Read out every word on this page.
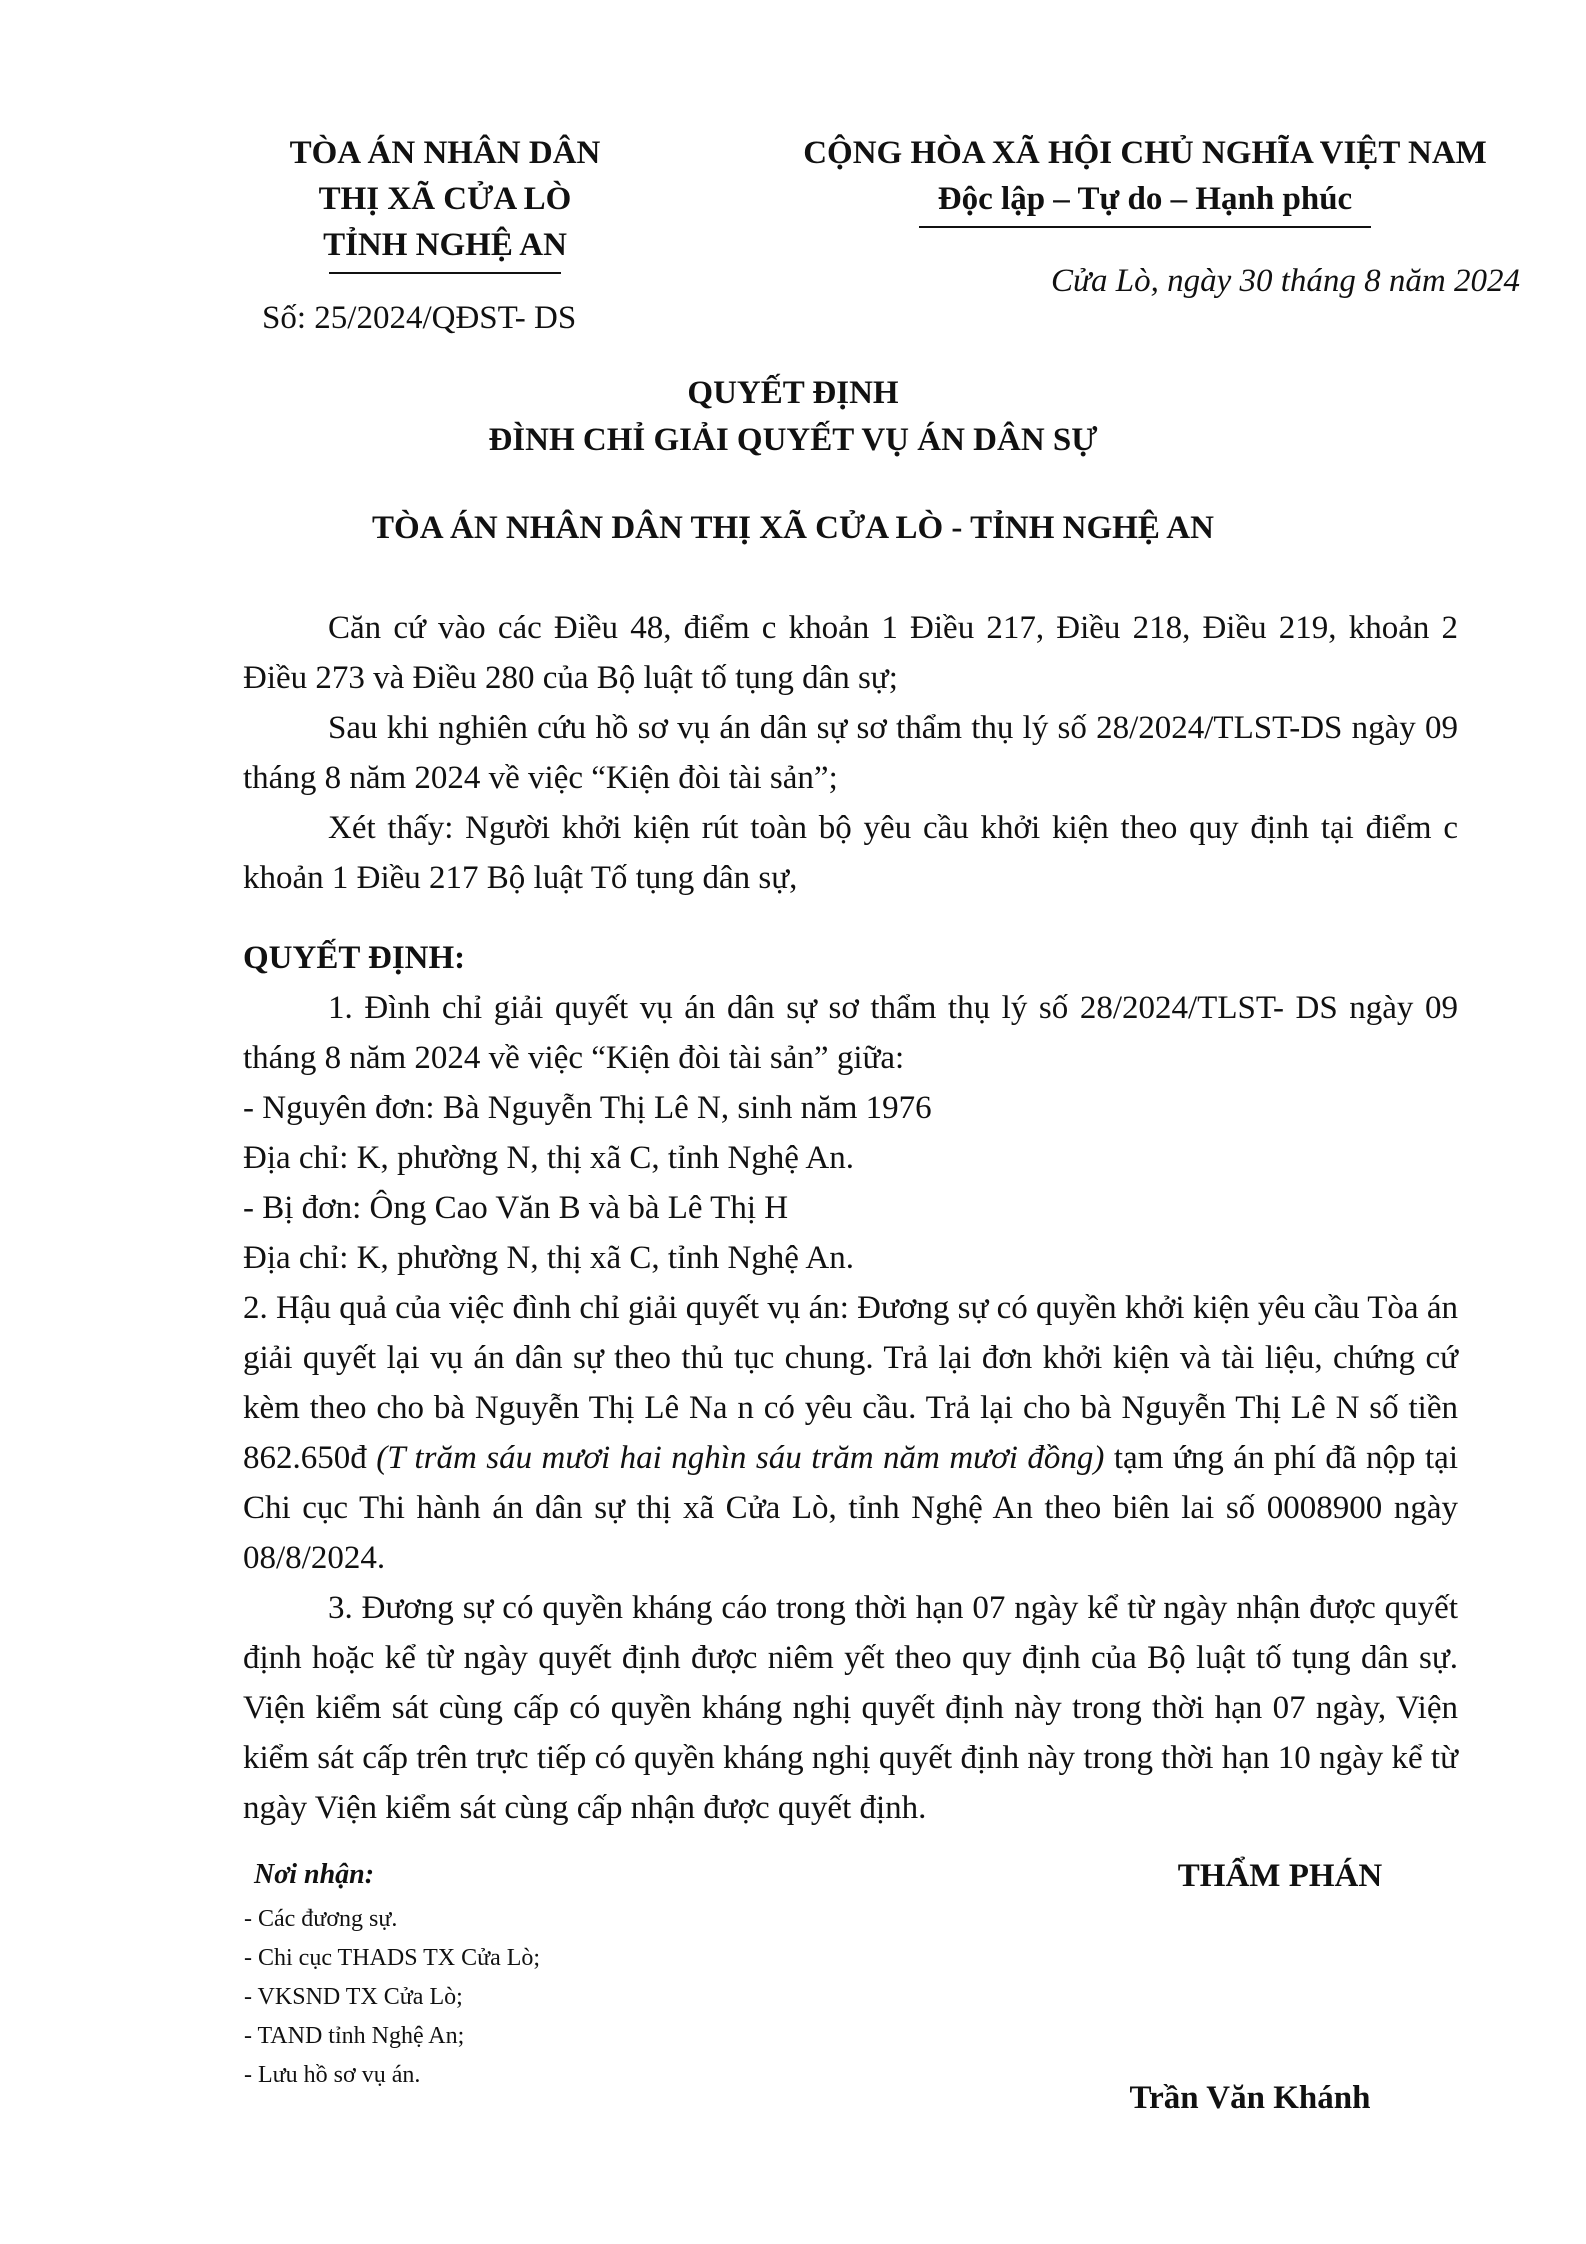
TÒA ÁN NHÂN DÂN
THỊ XÃ CỬA LÒ
TỈNH NGHỆ AN
CỘNG HÒA XÃ HỘI CHỦ NGHĨA VIỆT NAM
Độc lập – Tự do – Hạnh phúc
Số: 25/2024/QĐST- DS
Cửa Lò, ngày 30 tháng 8 năm 2024
QUYẾT ĐỊNH
ĐÌNH CHỈ GIẢI QUYẾT VỤ ÁN DÂN SỰ
TÒA ÁN NHÂN DÂN THỊ XÃ CỬA LÒ - TỈNH NGHỆ AN

Căn cứ vào các Điều 48, điểm c khoản 1 Điều 217, Điều 218, Điều 219, khoản 2 Điều 273 và Điều 280 của Bộ luật tố tụng dân sự;

Sau khi nghiên cứu hồ sơ vụ án dân sự sơ thẩm thụ lý số 28/2024/TLST-DS ngày 09 tháng 8 năm 2024 về việc “Kiện đòi tài sản”;

Xét thấy: Người khởi kiện rút toàn bộ yêu cầu khởi kiện theo quy định tại điểm c khoản 1 Điều 217 Bộ luật Tố tụng dân sự,

QUYẾT ĐỊNH:

1. Đình chỉ giải quyết vụ án dân sự sơ thẩm thụ lý số 28/2024/TLST- DS ngày 09 tháng 8 năm 2024 về việc “Kiện đòi tài sản” giữa:

- Nguyên đơn: Bà Nguyễn Thị Lê N, sinh năm 1976

Địa chỉ: K, phường N, thị xã C, tỉnh Nghệ An.

- Bị đơn: Ông Cao Văn B và bà Lê Thị H

Địa chỉ: K, phường N, thị xã C, tỉnh Nghệ An.

2. Hậu quả của việc đình chỉ giải quyết vụ án: Đương sự có quyền khởi kiện yêu cầu Tòa án giải quyết lại vụ án dân sự theo thủ tục chung. Trả lại đơn khởi kiện và tài liệu, chứng cứ kèm theo cho bà Nguyễn Thị Lê Na n có yêu cầu. Trả lại cho bà Nguyễn Thị Lê N số tiền 862.650đ (T trăm sáu mươi hai nghìn sáu trăm năm mươi đồng) tạm ứng án phí đã nộp tại Chi cục Thi hành án dân sự thị xã Cửa Lò, tỉnh Nghệ An theo biên lai số 0008900 ngày 08/8/2024.

3. Đương sự có quyền kháng cáo trong thời hạn 07 ngày kể từ ngày nhận được quyết định hoặc kể từ ngày quyết định được niêm yết theo quy định của Bộ luật tố tụng dân sự. Viện kiểm sát cùng cấp có quyền kháng nghị quyết định này trong thời hạn 07 ngày, Viện kiểm sát cấp trên trực tiếp có quyền kháng nghị quyết định này trong thời hạn 10 ngày kể từ ngày Viện kiểm sát cùng cấp nhận được quyết định.

Nơi nhận:
- Các đương sự.
- Chi cục THADS TX Cửa Lò;
- VKSND TX Cửa Lò;
- TAND tỉnh Nghệ An;
- Lưu hồ sơ vụ án.
THẨM PHÁN
Trần Văn Khánh
